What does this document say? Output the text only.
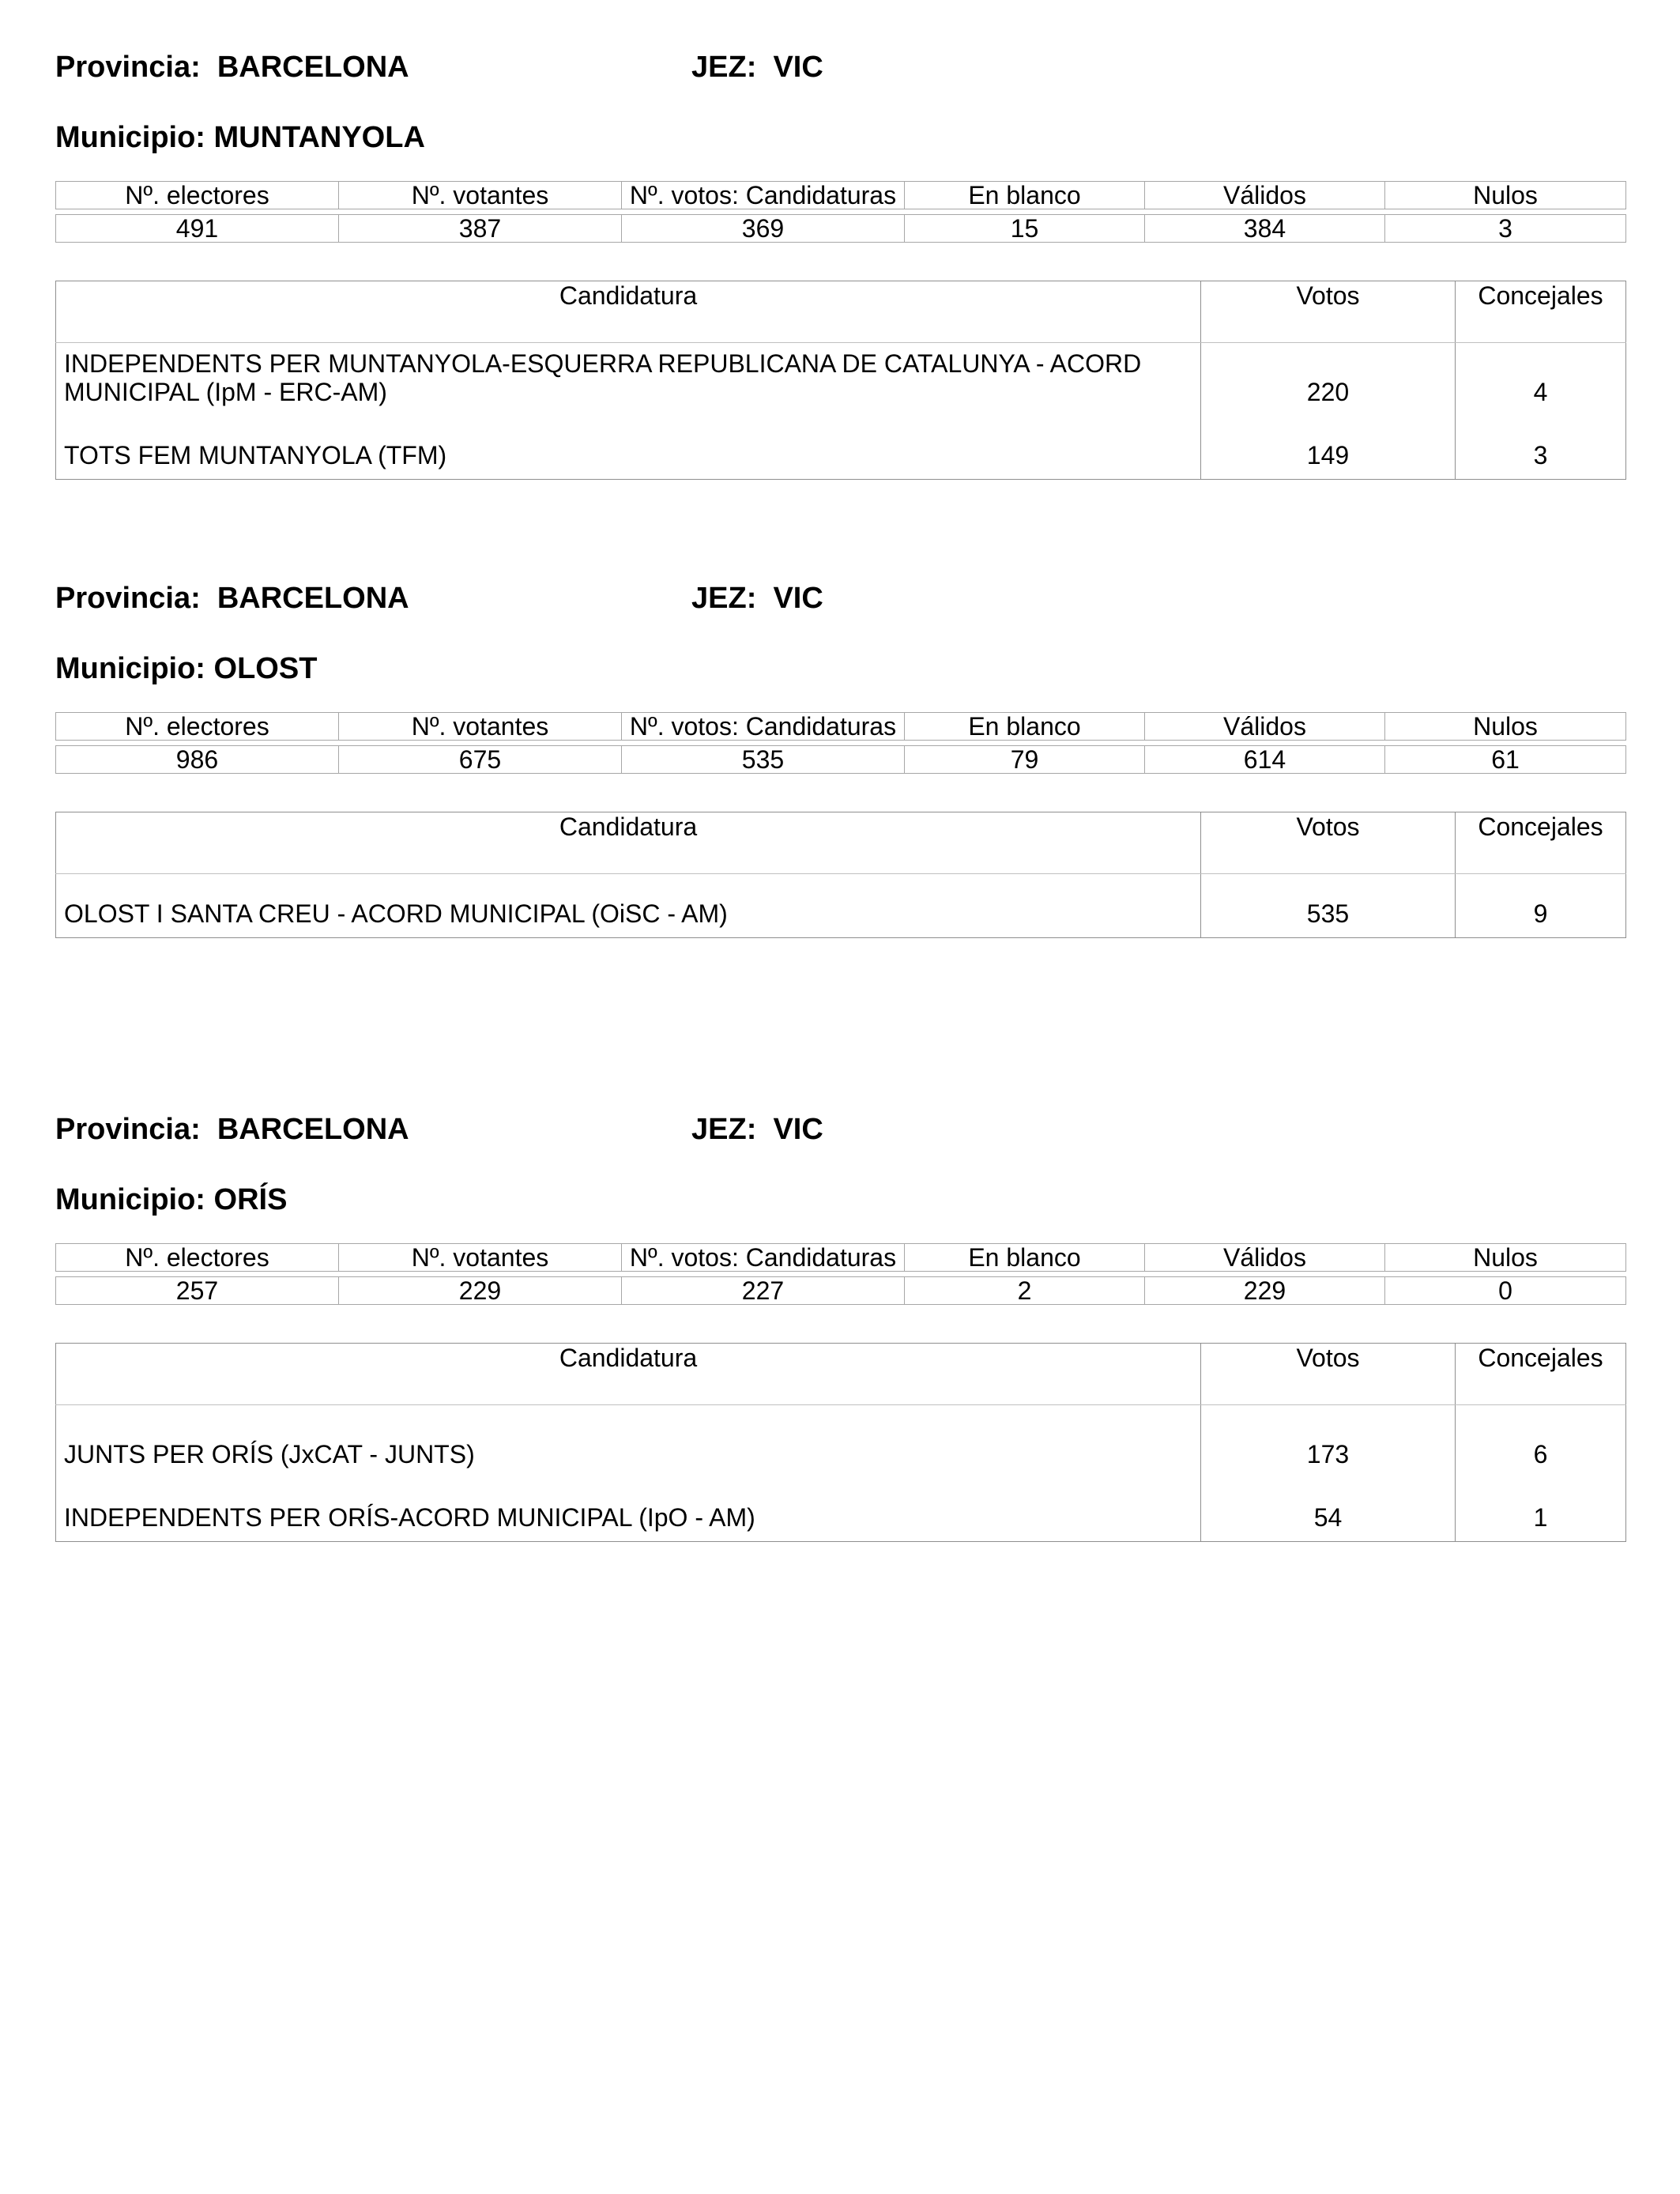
Provincia:  BARCELONA	JEZ:  VIC
Municipio: MUNTANYOLA
Nº. electores	Nº. votantes	Nº. votos: Candidaturas	En blanco	Válidos	Nulos

491	387	369	15	384	3
Candidatura	Votos	Concejales
INDEPENDENTS PER MUNTANYOLA-ESQUERRA REPUBLICANA DE CATALUNYA - ACORD MUNICIPAL (IpM - ERC-AM)	220	4
TOTS FEM MUNTANYOLA (TFM)	149	3
Provincia:  BARCELONA	JEZ:  VIC
Municipio: OLOST
Nº. electores	Nº. votantes	Nº. votos: Candidaturas	En blanco	Válidos	Nulos

986	675	535	79	614	61
Candidatura	Votos	Concejales
OLOST I SANTA CREU - ACORD MUNICIPAL (OiSC - AM)	535	9
Provincia:  BARCELONA	JEZ:  VIC
Municipio: ORÍS
Nº. electores	Nº. votantes	Nº. votos: Candidaturas	En blanco	Válidos	Nulos

257	229	227	2	229	0
Candidatura	Votos	Concejales
JUNTS PER ORÍS (JxCAT - JUNTS)	173	6
INDEPENDENTS PER ORÍS-ACORD MUNICIPAL (IpO - AM)	54	1
